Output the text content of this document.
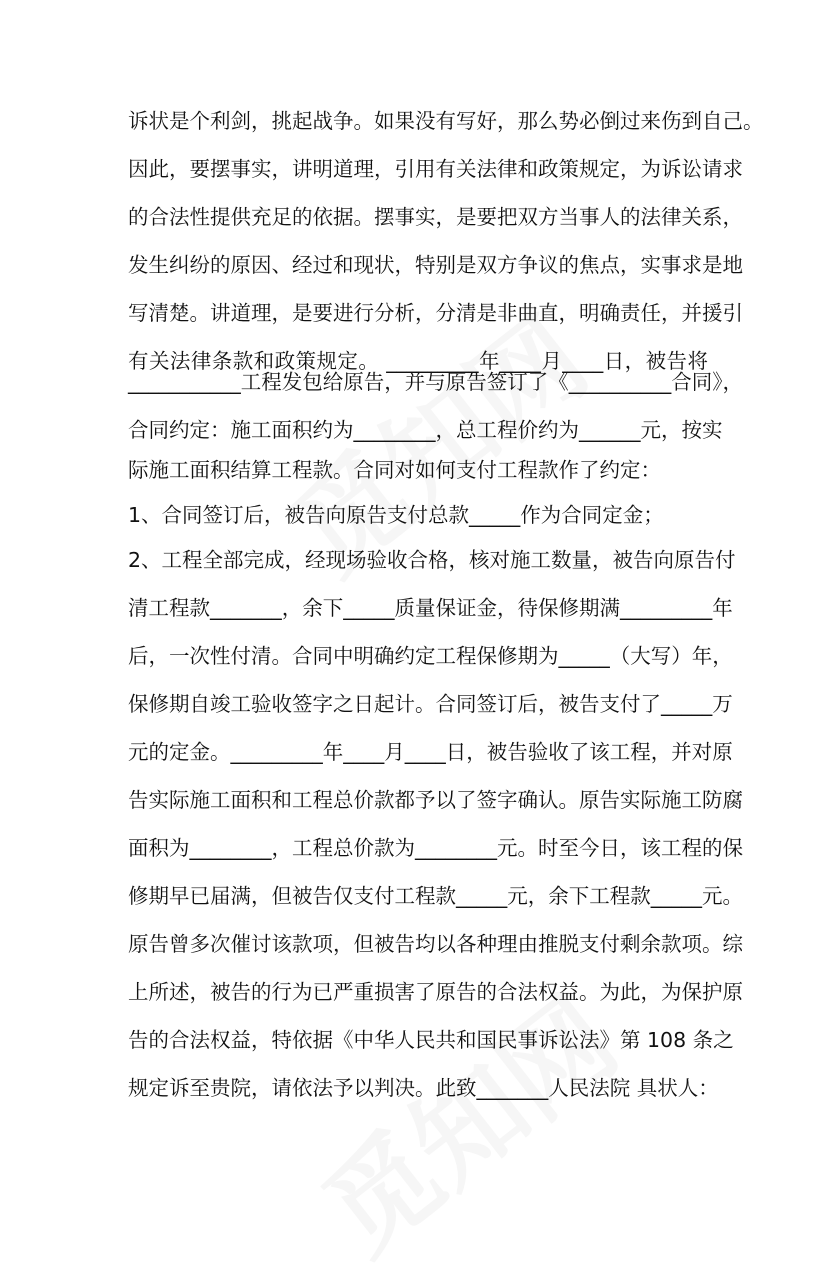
诉状是个利剑，挑起战争。如果没有写好，那么势必倒过来伤到自己。
因此，要摆事实，讲明道理，引用有关法律和政策规定，为诉讼请求
的合法性提供充足的依据。摆事实，是要把双方当事人的法律关系，
发生纠纷的原因、经过和现状，特别是双方争议的焦点，实事求是地
写清楚。讲道理，是要进行分析，分清是非曲直，明确责任，并援引
有关法律条款和政策规定。 _________年____月____日，被告将
___________工程发包给原告，并与原告签订了《__________合同》，
合同约定：施工面积约为________，总工程价约为______元，按实
际施工面积结算工程款。合同对如何支付工程款作了约定：
1、合同签订后，被告向原告支付总款_____作为合同定金；
2、工程全部完成，经现场验收合格，核对施工数量，被告向原告付
清工程款_______，余下_____质量保证金，待保修期满_________年
后，一次性付清。合同中明确约定工程保修期为_____（大写）年，
保修期自竣工验收签字之日起计。合同签订后，被告支付了_____万
元的定金。_________年____月____日，被告验收了该工程，并对原
告实际施工面积和工程总价款都予以了签字确认。原告实际施工防腐
面积为________，工程总价款为________元。时至今日，该工程的保
修期早已届满，但被告仅支付工程款_____元，余下工程款_____元。
原告曾多次催讨该款项，但被告均以各种理由推脱支付剩余款项。综
上所述，被告的行为已严重损害了原告的合法权益。为此，为保护原
告的合法权益，特依据《中华人民共和国民事诉讼法》第 108 条之
规定诉至贵院，请依法予以判决。此致_______人民法院 具状人：
